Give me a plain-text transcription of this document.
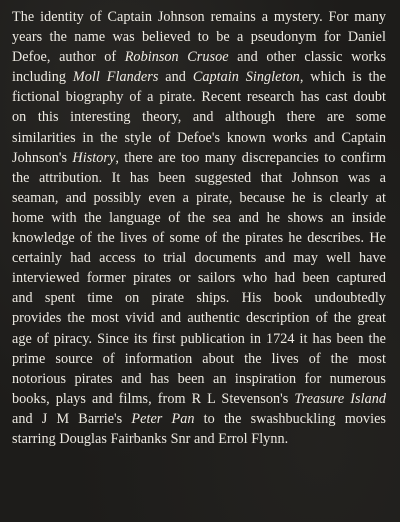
The identity of Captain Johnson remains a mystery. For many
years the name was believed to be a pseudonym for Daniel
Defoe, author of Robinson Crusoe and other classic works
including Moll Flanders and Captain Singleton, which is the
fictional biography of a pirate. Recent research has cast doubt
on this interesting theory, and although there are some
similarities in the style of Defoe's known works and Captain
Johnson's History, there are too many discrepancies to confirm
the attribution. It has been suggested that Johnson was a
seaman, and possibly even a pirate, because he is clearly at
home with the language of the sea and he shows an inside
knowledge of the lives of some of the pirates he describes. He
certainly had access to trial documents and may well have
interviewed former pirates or sailors who had been captured
and spent time on pirate ships. His book undoubtedly
provides the most vivid and authentic description of the great
age of piracy. Since its first publication in 1724 it has been the
prime source of information about the lives of the most
notorious pirates and has been an inspiration for numerous
books, plays and films, from R L Stevenson's Treasure Island
and J M Barrie's Peter Pan to the swashbuckling movies
starring Douglas Fairbanks Snr and Errol Flynn.
